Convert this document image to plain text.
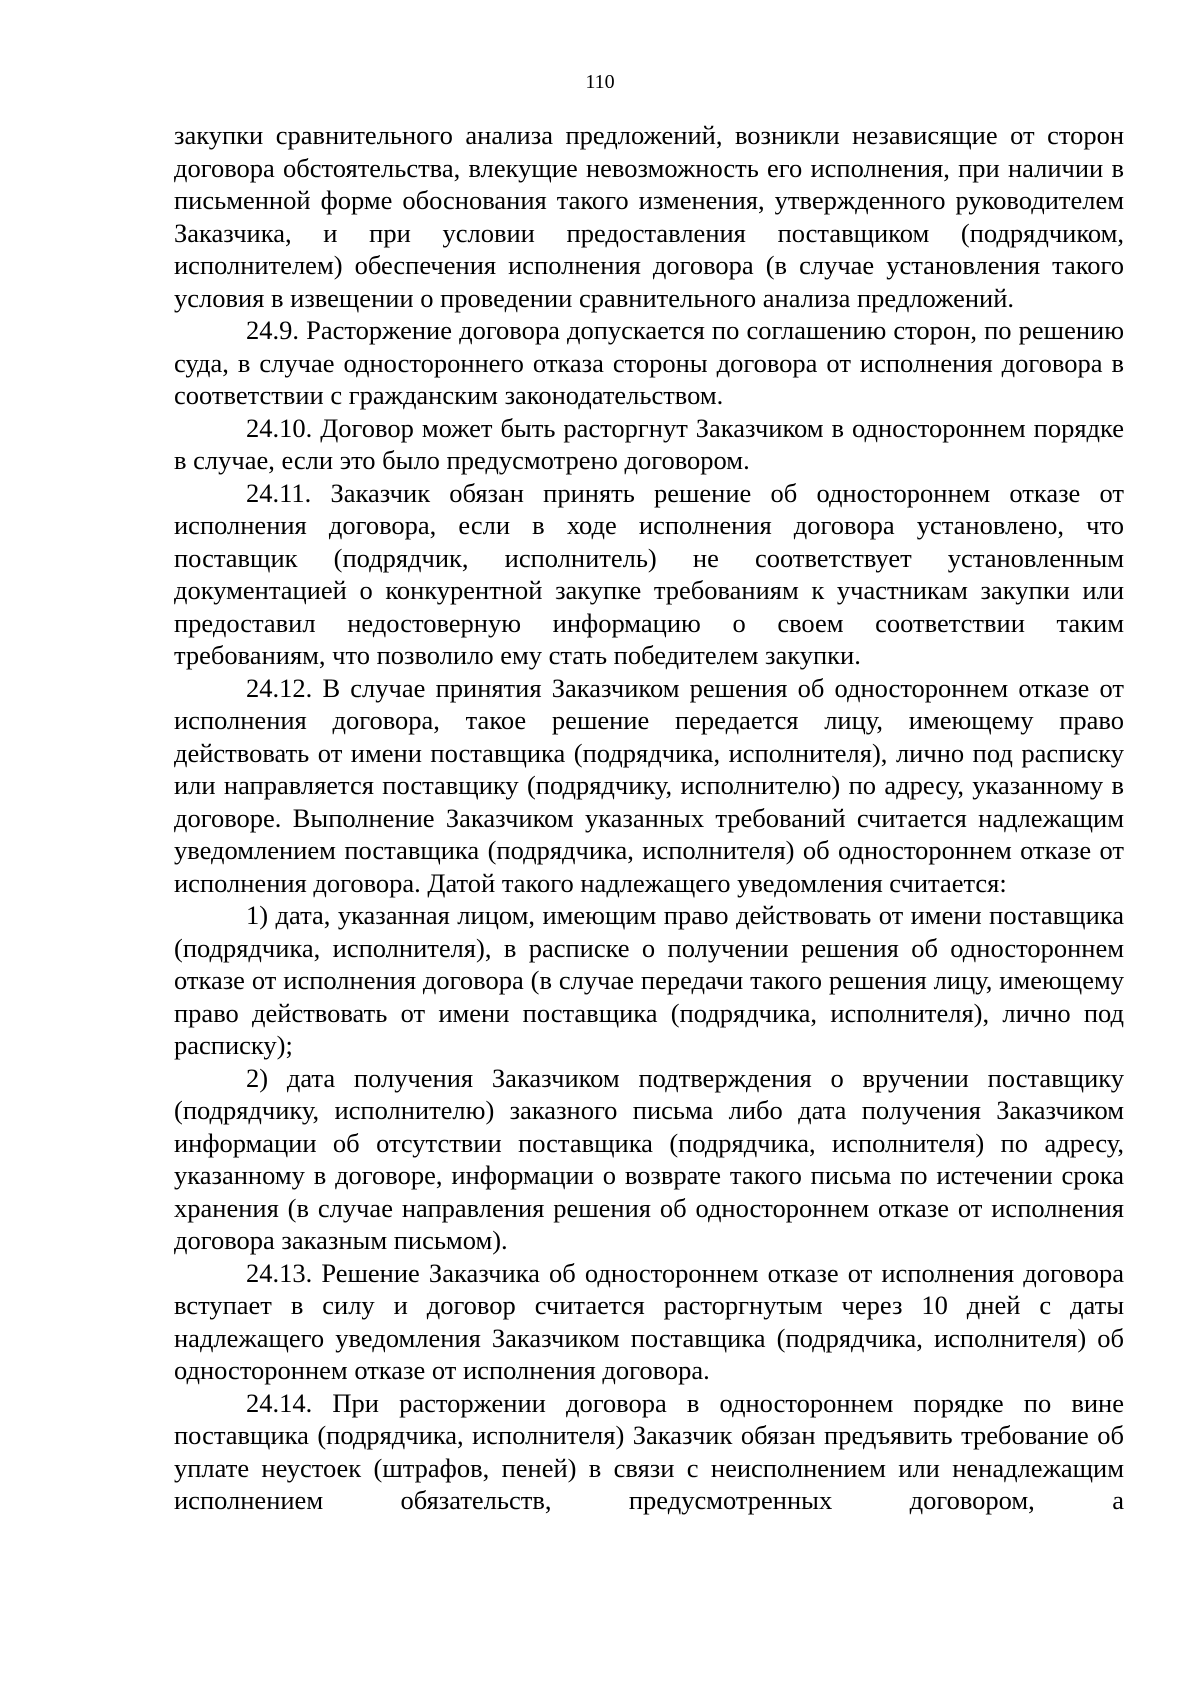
110

закупки сравнительного анализа предложений, возникли независящие от сторон договора обстоятельства, влекущие невозможность его исполнения, при наличии в письменной форме обоснования такого изменения, утвержденного руководителем Заказчика, и при условии предоставления поставщиком (подрядчиком, исполнителем) обеспечения исполнения договора (в случае установления такого условия в извещении о проведении сравнительного анализа предложений.

24.9. Расторжение договора допускается по соглашению сторон, по решению суда, в случае одностороннего отказа стороны договора от исполнения договора в соответствии с гражданским законодательством.

24.10. Договор может быть расторгнут Заказчиком в одностороннем порядке в случае, если это было предусмотрено договором.

24.11. Заказчик обязан принять решение об одностороннем отказе от исполнения договора, если в ходе исполнения договора установлено, что поставщик (подрядчик, исполнитель) не соответствует установленным документацией о конкурентной закупке требованиям к участникам закупки или предоставил недостоверную информацию о своем соответствии таким требованиям, что позволило ему стать победителем закупки.

24.12. В случае принятия Заказчиком решения об одностороннем отказе от исполнения договора, такое решение передается лицу, имеющему право действовать от имени поставщика (подрядчика, исполнителя), лично под расписку или направляется поставщику (подрядчику, исполнителю) по адресу, указанному в договоре. Выполнение Заказчиком указанных требований считается надлежащим уведомлением поставщика (подрядчика, исполнителя) об одностороннем отказе от исполнения договора. Датой такого надлежащего уведомления считается:

1) дата, указанная лицом, имеющим право действовать от имени поставщика (подрядчика, исполнителя), в расписке о получении решения об одностороннем отказе от исполнения договора (в случае передачи такого решения лицу, имеющему право действовать от имени поставщика (подрядчика, исполнителя), лично под расписку);

2) дата получения Заказчиком подтверждения о вручении поставщику (подрядчику, исполнителю) заказного письма либо дата получения Заказчиком информации об отсутствии поставщика (подрядчика, исполнителя) по адресу, указанному в договоре, информации о возврате такого письма по истечении срока хранения (в случае направления решения об одностороннем отказе от исполнения договора заказным письмом).

24.13. Решение Заказчика об одностороннем отказе от исполнения договора вступает в силу и договор считается расторгнутым через 10 дней с даты надлежащего уведомления Заказчиком поставщика (подрядчика, исполнителя) об одностороннем отказе от исполнения договора.

24.14. При расторжении договора в одностороннем порядке по вине поставщика (подрядчика, исполнителя) Заказчик обязан предъявить требование об уплате неустоек (штрафов, пеней) в связи с неисполнением или ненадлежащим исполнением обязательств, предусмотренных договором, а
